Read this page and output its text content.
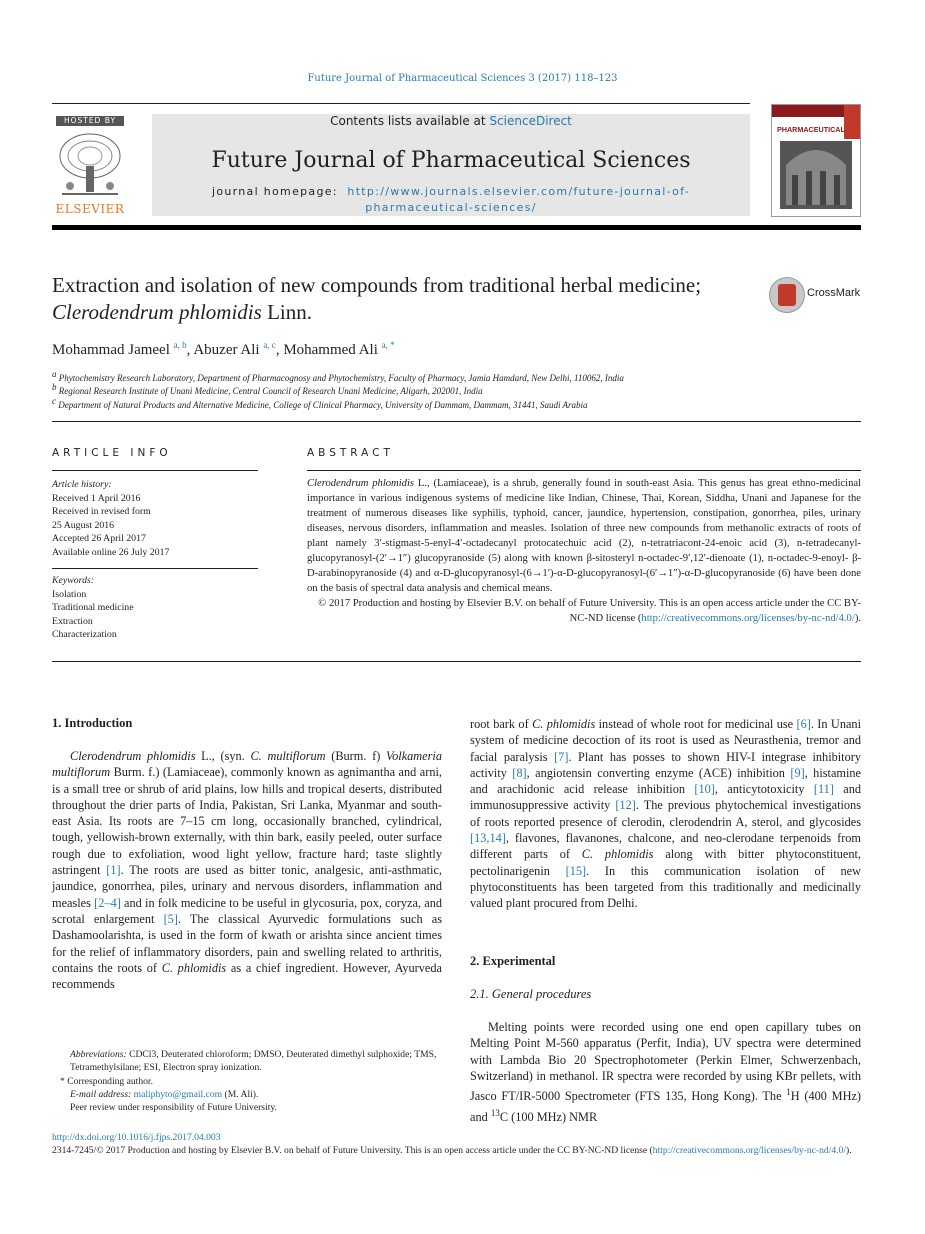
Future Journal of Pharmaceutical Sciences 3 (2017) 118–123
HOSTED BY
ELSEVIER
Contents lists available at ScienceDirect
Future Journal of Pharmaceutical Sciences
journal homepage: http://www.journals.elsevier.com/future-journal-of-
pharmaceutical-sciences/
PHARMACEUTICAL
Extraction and isolation of new compounds from traditional herbal medicine; Clerodendrum phlomidis Linn.
CrossMark
Mohammad Jameel $^{a, b}$, Abuzer Ali $^{a, c}$, Mohammed Ali $^{a, *}$
$^a$ Phytochemistry Research Laboratory, Department of Pharmacognosy and Phytochemistry, Faculty of Pharmacy, Jamia Hamdard, New Delhi, 110062, India
$^b$ Regional Research Institute of Unani Medicine, Central Council of Research Unani Medicine, Aligarh, 202001, India
$^c$ Department of Natural Products and Alternative Medicine, College of Clinical Pharmacy, University of Dammam, Dammam, 31441, Saudi Arabia
ARTICLE INFO
Article history:
Received 1 April 2016
Received in revised form
25 August 2016
Accepted 26 April 2017
Available online 26 July 2017
Keywords:
Isolation
Traditional medicine
Extraction
Characterization
ABSTRACT
Clerodendrum phlomidis L., (Lamiaceae), is a shrub, generally found in south-east Asia. This genus has great ethno-medicinal importance in various indigenous systems of medicine like Indian, Chinese, Thai, Korean, Siddha, Unani and Japanese for the treatment of numerous diseases like syphilis, typhoid, cancer, jaundice, hypertension, constipation, gonorrhea, piles, urinary diseases, nervous disorders, inflammation and measles. Isolation of three new compounds from methanolic extracts of roots of plant namely 3′-stigmast-5-enyl-4′-octadecanyl protocatechuic acid (2), n-tetratriacont-24-enoic acid (3), n-tetradecanyl-glucopyranosyl-(2′→1″) glucopyranoside (5) along with known β-sitosteryl n-octadec-9′,12′-dienoate (1), n-octadec-9-enoyl- β-D-arabinopyranoside (4) and α-D-glucopyranosyl-(6→1′)-α-D-glucopyranosyl-(6′→1″)-α-D-glucopyranoside (6) have been done on the basis of spectral data analysis and chemical means.
© 2017 Production and hosting by Elsevier B.V. on behalf of Future University. This is an open access article under the CC BY-NC-ND license (http://creativecommons.org/licenses/by-nc-nd/4.0/).
1. Introduction

Clerodendrum phlomidis L., (syn. C. multiflorum (Burm. f) Volkameria multiflorum Burm. f.) (Lamiaceae), commonly known as agnimantha and arni, is a small tree or shrub of arid plains, low hills and tropical deserts, distributed throughout the drier parts of India, Pakistan, Sri Lanka, Myanmar and south-east Asia. Its roots are 7–15 cm long, occasionally branched, cylindrical, tough, yellowish-brown externally, with thin bark, easily peeled, outer surface rough due to exfoliation, wood light yellow, fracture hard; taste slightly astringent [1]. The roots are used as bitter tonic, analgesic, anti-asthmatic, jaundice, gonorrhea, piles, urinary and nervous disorders, inflammation and measles [2–4] and in folk medicine to be useful in glycosuria, pox, coryza, and scrotal enlargement [5]. The classical Ayurvedic formulations such as Dashamoolarishta, is used in the form of kwath or arishta since ancient times for the relief of inflammatory disorders, pain and swelling related to arthritis, contains the roots of C. phlomidis as a chief ingredient. However, Ayurveda recommends

Abbreviations: CDCl3, Deuterated chloroform; DMSO, Deuterated dimethyl sulphoxide; TMS, Tetramethylsilane; ESI, Electron spray ionization.
* Corresponding author.
E-mail address: maliphyto@gmail.com (M. Ali).
Peer review under responsibility of Future University.

root bark of C. phlomidis instead of whole root for medicinal use [6]. In Unani system of medicine decoction of its root is used as Neurasthenia, tremor and facial paralysis [7]. Plant has posses to shown HIV-I integrase inhibitory activity [8], angiotensin converting enzyme (ACE) inhibition [9], histamine and arachidonic acid release inhibition [10], anticytotoxicity [11] and immunosuppressive activity [12]. The previous phytochemical investigations of roots reported presence of clerodin, clerodendrin A, sterol, and glycosides [13,14], flavones, flavanones, chalcone, and neo-clerodane terpenoids from different parts of C. phlomidis along with bitter phytoconstituent, pectolinarigenin [15]. In this communication isolation of new phytoconstituents has been targeted from this traditionally and medicinally valued plant procured from Delhi.

2. Experimental
2.1. General procedures

Melting points were recorded using one end open capillary tubes on Melting Point M-560 apparatus (Perfit, India), UV spectra were determined with Lambda Bio 20 Spectrophotometer (Perkin Elmer, Schwerzenbach, Switzerland) in methanol. IR spectra were recorded by using KBr pellets, with Jasco FT/IR-5000 Spectrometer (FTS 135, Hong Kong). The $^1$H (400 MHz) and $^{13}$C (100 MHz) NMR

http://dx.doi.org/10.1016/j.fjps.2017.04.003
2314-7245/© 2017 Production and hosting by Elsevier B.V. on behalf of Future University. This is an open access article under the CC BY-NC-ND license (http://creativecommons.org/licenses/by-nc-nd/4.0/).
